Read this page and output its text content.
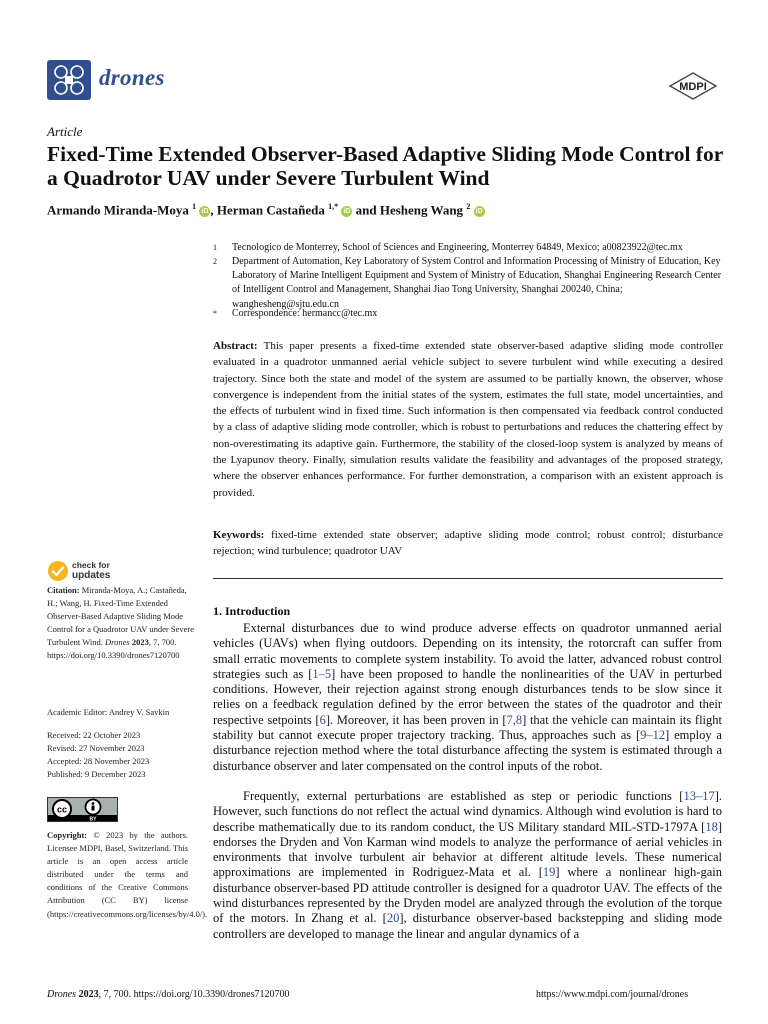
drones	MDPI
Article
Fixed-Time Extended Observer-Based Adaptive Sliding Mode Control for a Quadrotor UAV under Severe Turbulent Wind
Armando Miranda-Moya $^1$ iD , Herman Castañeda $^{1,*}$ iD and Hesheng Wang $^2$ iD
1 Tecnologico de Monterrey, School of Sciences and Engineering, Monterrey 64849, Mexico; a00823922@tec.mx
2 Department of Automation, Key Laboratory of System Control and Information Processing of Ministry of Education, Key Laboratory of Marine Intelligent Equipment and System of Ministry of Education, Shanghai Engineering Research Center of Intelligent Control and Management, Shanghai Jiao Tong University, Shanghai 200240, China; wanghesheng@sjtu.edu.cn
* Correspondence: hermancc@tec.mx
Abstract: This paper presents a fixed-time extended state observer-based adaptive sliding mode controller evaluated in a quadrotor unmanned aerial vehicle subject to severe turbulent wind while executing a desired trajectory. Since both the state and model of the system are assumed to be partially known, the observer, whose convergence is independent from the initial states of the system, estimates the full state, model uncertainties, and the effects of turbulent wind in fixed time. Such information is then compensated via feedback control conducted by a class of adaptive sliding mode controller, which is robust to perturbations and reduces the chattering effect by non-overestimating its adaptive gain. Furthermore, the stability of the closed-loop system is analyzed by means of the Lyapunov theory. Finally, simulation results validate the feasibility and advantages of the proposed strategy, where the observer enhances performance. For further demonstration, a comparison with an existent approach is provided.
Keywords: fixed-time extended state observer; adaptive sliding mode control; robust control; disturbance rejection; wind turbulence; quadrotor UAV
check for
updates
Citation: Miranda-Moya, A.; Castañeda, H.; Wang, H. Fixed-Time Extended Observer-Based Adaptive Sliding Mode Control for a Quadrotor UAV under Severe Turbulent Wind. Drones 2023, 7, 700. https://doi.org/10.3390/drones7120700
Academic Editor: Andrey V. Savkin
Received: 22 October 2023
Revised: 27 November 2023
Accepted: 28 November 2023
Published: 9 December 2023
cc
BY
Copyright: © 2023 by the authors. Licensee MDPI, Basel, Switzerland. This article is an open access article distributed under the terms and conditions of the Creative Commons Attribution (CC BY) license (https://creativecommons.org/licenses/by/4.0/).
1. Introduction
External disturbances due to wind produce adverse effects on quadrotor unmanned aerial vehicles (UAVs) when flying outdoors. Depending on its intensity, the rotorcraft can suffer from small erratic movements to complete system instability. To avoid the latter, advanced robust control strategies such as [1–5] have been proposed to handle the nonlinearities of the UAV in perturbed conditions. However, their rejection against strong enough disturbances tends to be slow since it relies on a feedback regulation defined by the error between the states of the quadrotor and their respective setpoints [6]. Moreover, it has been proven in [7,8] that the vehicle can maintain its flight stability but cannot execute proper trajectory tracking. Thus, approaches such as [9–12] employ a disturbance rejection method where the total disturbance affecting the system is estimated through a disturbance observer and later compensated on the control inputs of the robot.
Frequently, external perturbations are established as step or periodic functions [13–17]. However, such functions do not reflect the actual wind dynamics. Although wind evolution is hard to describe mathematically due to its random conduct, the US Military standard MIL-STD-1797A [18] endorses the Dryden and Von Karman wind models to analyze the performance of aerial vehicles in environments that involve turbulent air behavior at different altitude levels. These numerical approximations are implemented in Rodriguez-Mata et al. [19] where a nonlinear high-gain disturbance observer-based PD attitude controller is designed for a quadrotor UAV. The effects of the wind disturbances represented by the Dryden model are analyzed through the evolution of the torque of the motors. In Zhang et al. [20], disturbance observer-based backstepping and sliding mode controllers are developed to manage the linear and angular dynamics of a
Drones 2023, 7, 700. https://doi.org/10.3390/drones7120700	https://www.mdpi.com/journal/drones
